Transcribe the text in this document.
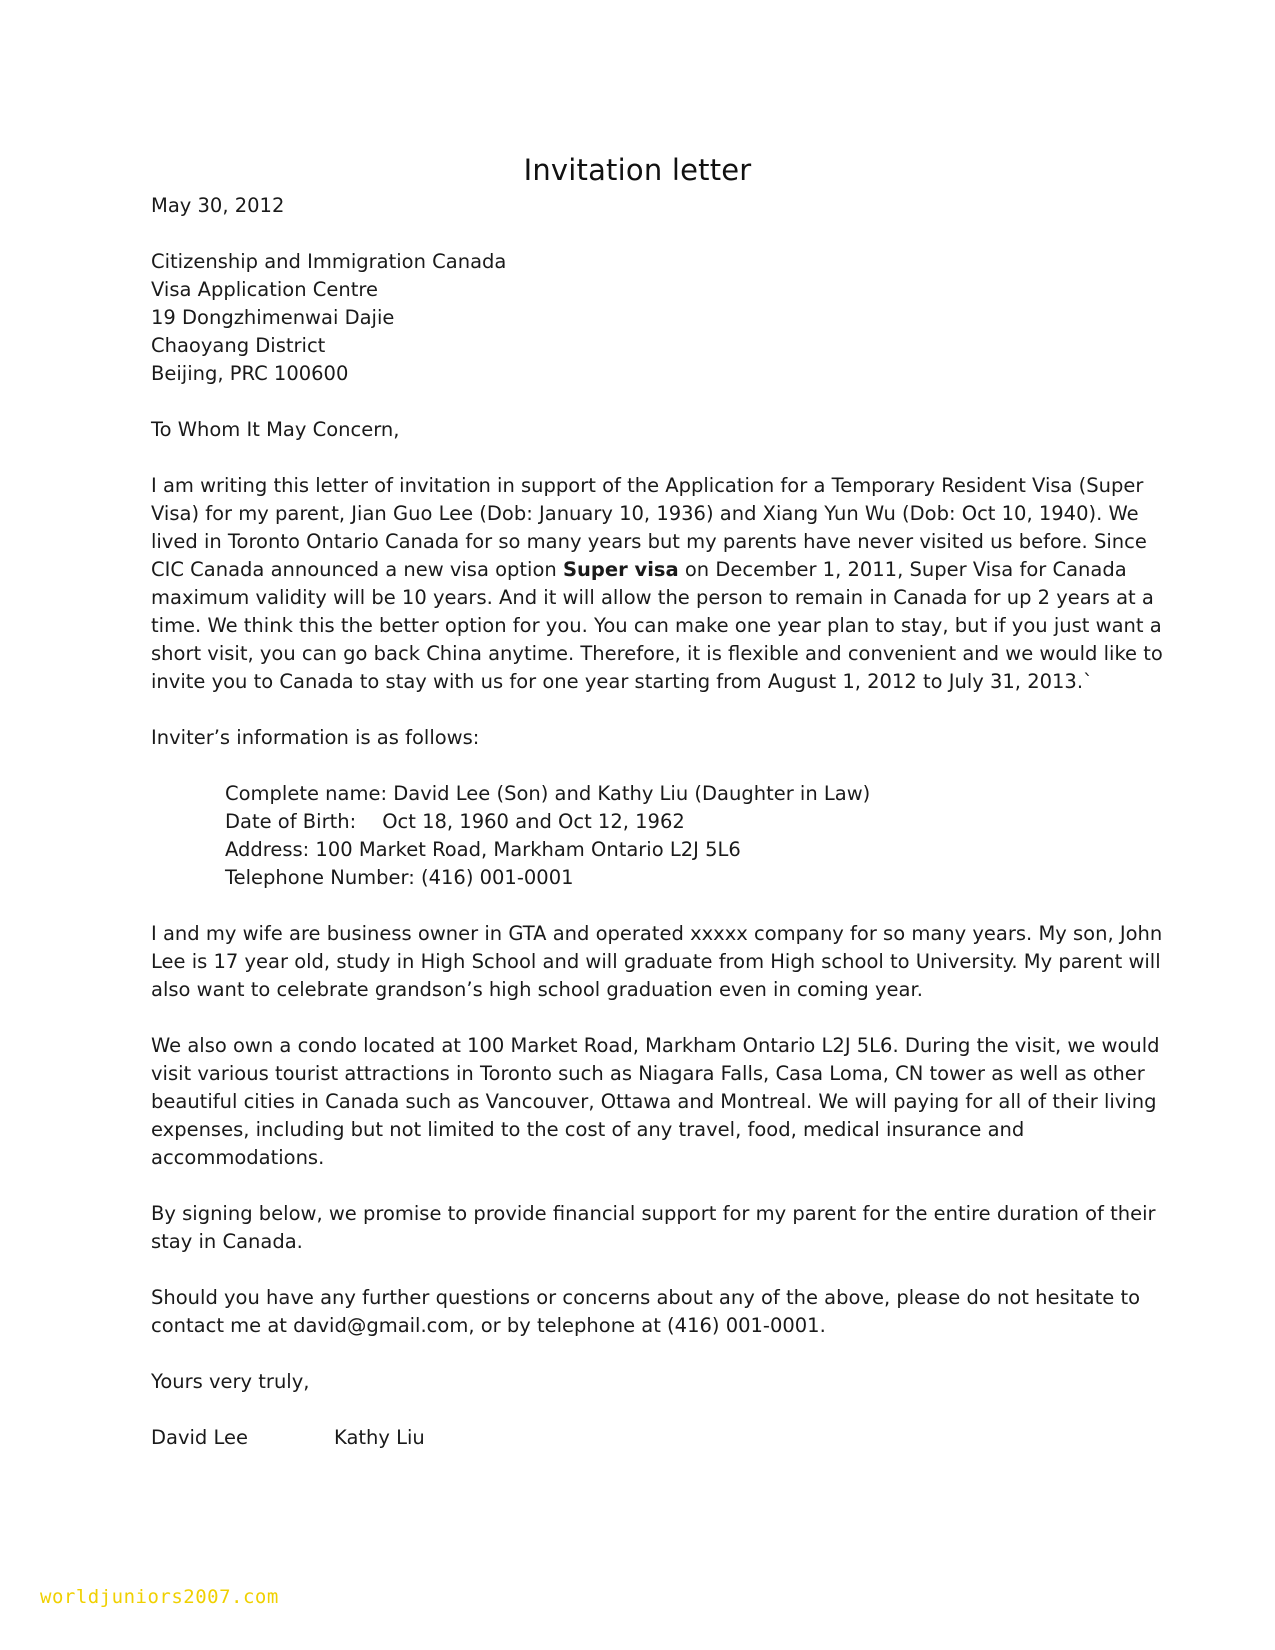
Invitation letter
May 30, 2012
Citizenship and Immigration Canada
Visa Application Centre
19 Dongzhimenwai Dajie
Chaoyang District
Beijing, PRC 100600
To Whom It May Concern,
I am writing this letter of invitation in support of the Application for a Temporary Resident Visa (Super
Visa) for my parent, Jian Guo Lee (Dob: January 10, 1936) and Xiang Yun Wu (Dob: Oct 10, 1940). We
lived in Toronto Ontario Canada for so many years but my parents have never visited us before. Since
CIC Canada announced a new visa option Super visa on December 1, 2011, Super Visa for Canada
maximum validity will be 10 years. And it will allow the person to remain in Canada for up 2 years at a
time. We think this the better option for you. You can make one year plan to stay, but if you just want a
short visit, you can go back China anytime. Therefore, it is flexible and convenient and we would like to
invite you to Canada to stay with us for one year starting from August 1, 2012 to July 31, 2013.`
Inviter’s information is as follows:
Complete name: David Lee (Son) and Kathy Liu (Daughter in Law)
Date of Birth: Oct 18, 1960 and Oct 12, 1962
Address: 100 Market Road, Markham Ontario L2J 5L6
Telephone Number: (416) 001-0001
I and my wife are business owner in GTA and operated xxxxx company for so many years. My son, John
Lee is 17 year old, study in High School and will graduate from High school to University. My parent will
also want to celebrate grandson’s high school graduation even in coming year.
We also own a condo located at 100 Market Road, Markham Ontario L2J 5L6. During the visit, we would
visit various tourist attractions in Toronto such as Niagara Falls, Casa Loma, CN tower as well as other
beautiful cities in Canada such as Vancouver, Ottawa and Montreal. We will paying for all of their living
expenses, including but not limited to the cost of any travel, food, medical insurance and
accommodations.
By signing below, we promise to provide financial support for my parent for the entire duration of their
stay in Canada.
Should you have any further questions or concerns about any of the above, please do not hesitate to
contact me at david@gmail.com, or by telephone at (416) 001-0001.
Yours very truly,
David Lee	Kathy Liu
worldjuniors2007.com
